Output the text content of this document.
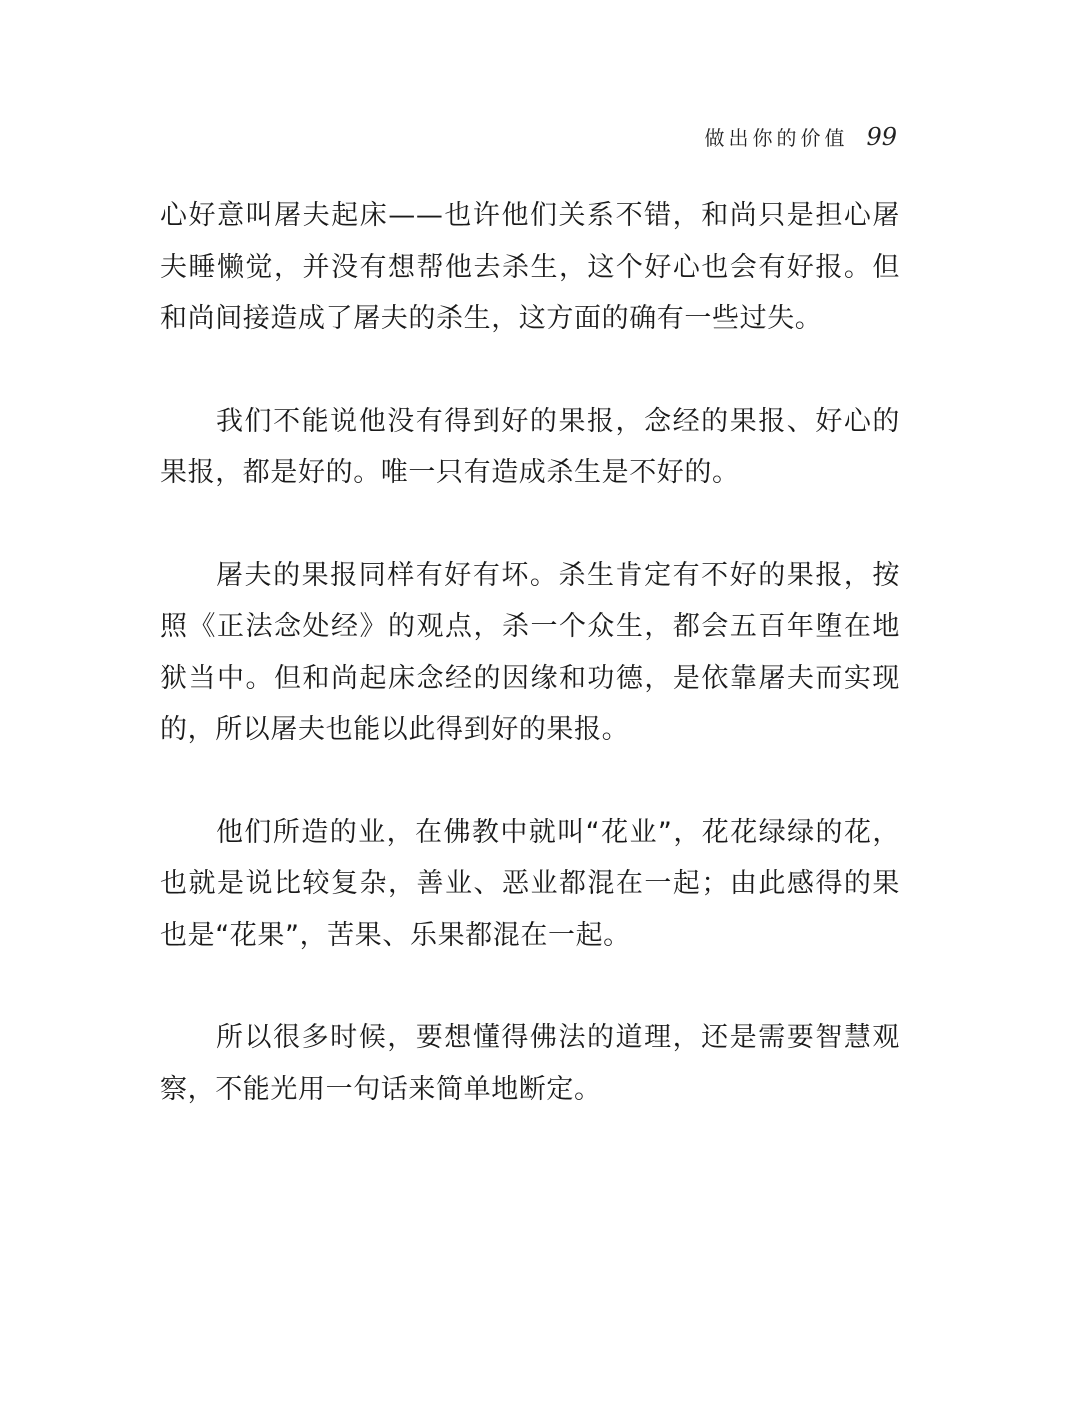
做出你的价值 99

心好意叫屠夫起床——也许他们关系不错，和尚只是担心屠夫睡懒觉，并没有想帮他去杀生，这个好心也会有好报。但和尚间接造成了屠夫的杀生，这方面的确有一些过失。

我们不能说他没有得到好的果报，念经的果报、好心的果报，都是好的。唯一只有造成杀生是不好的。

屠夫的果报同样有好有坏。杀生肯定有不好的果报，按照《正法念处经》的观点，杀一个众生，都会五百年堕在地狱当中。但和尚起床念经的因缘和功德，是依靠屠夫而实现的，所以屠夫也能以此得到好的果报。

他们所造的业，在佛教中就叫“花业”，花花绿绿的花，也就是说比较复杂，善业、恶业都混在一起；由此感得的果也是“花果”，苦果、乐果都混在一起。

所以很多时候，要想懂得佛法的道理，还是需要智慧观察，不能光用一句话来简单地断定。
